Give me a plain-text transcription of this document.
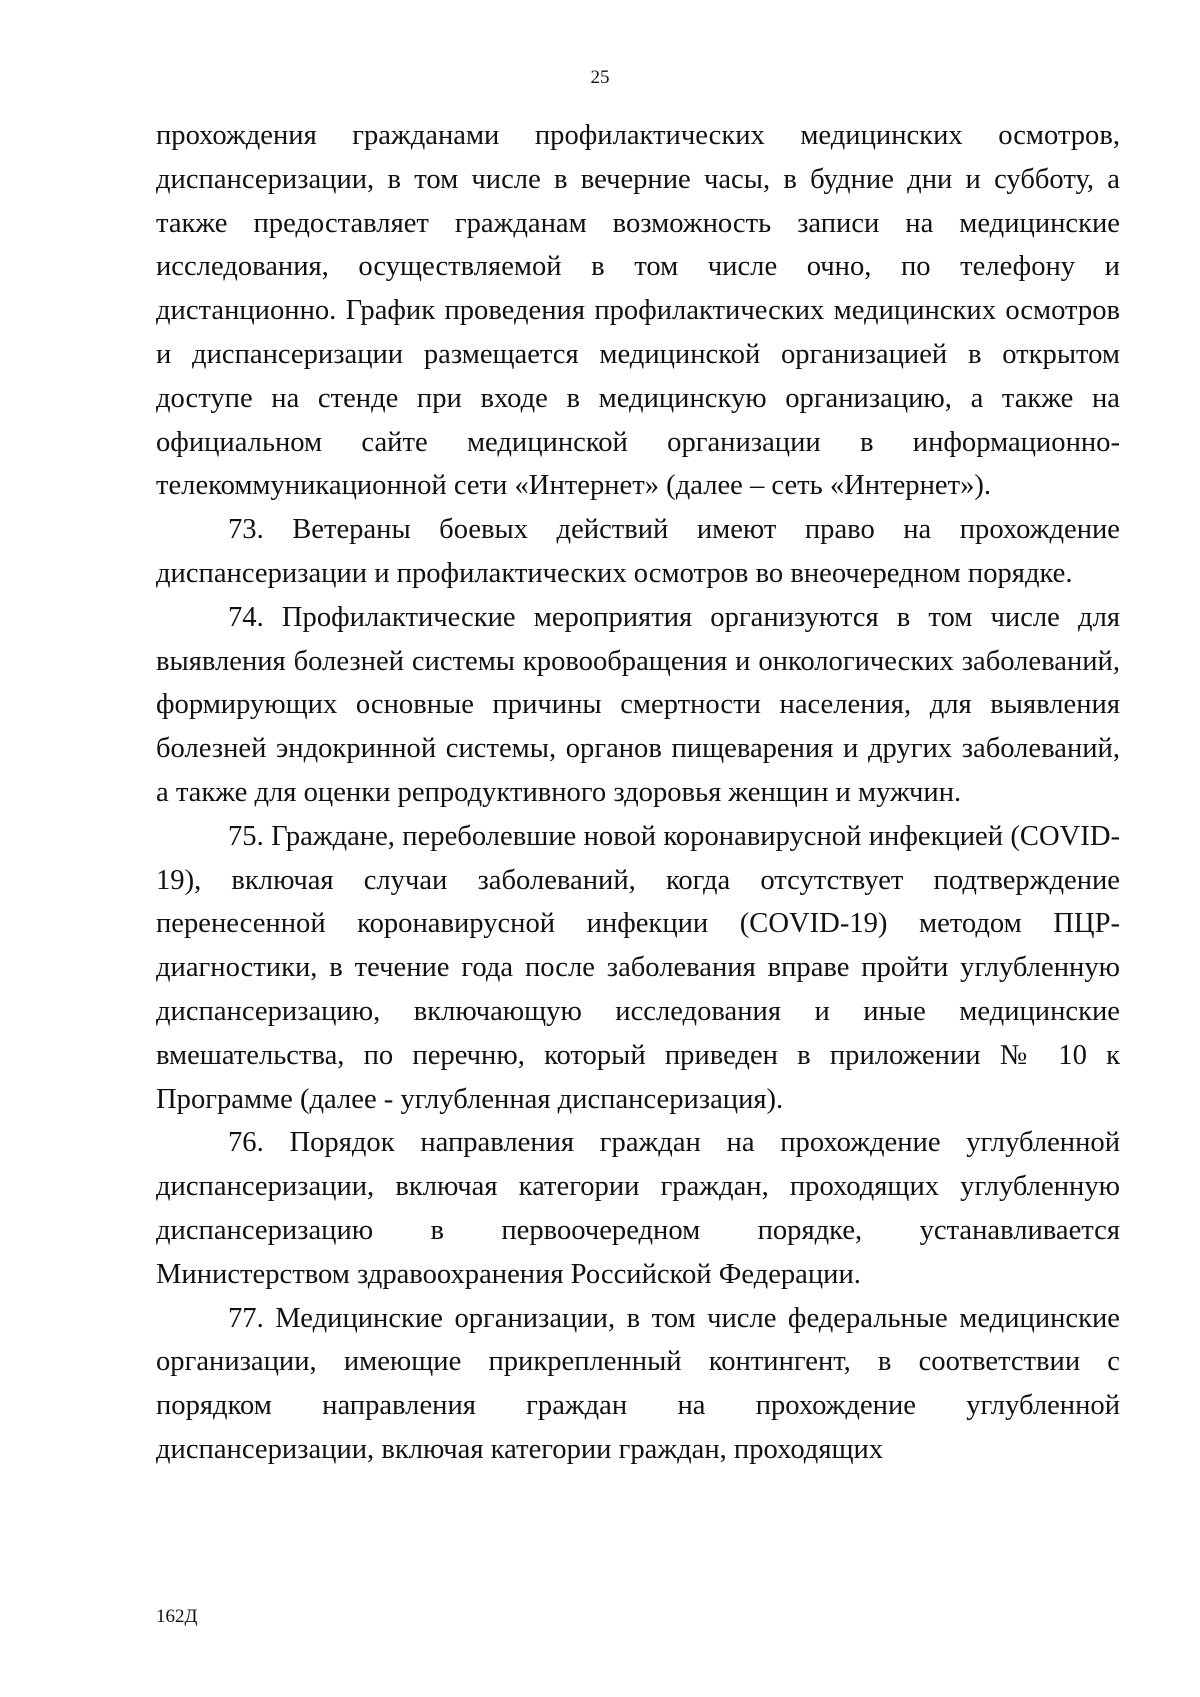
25

прохождения гражданами профилактических медицинских осмотров, диспансеризации, в том числе в вечерние часы, в будние дни и субботу, а также предоставляет гражданам возможность записи на медицинские исследования, осуществляемой в том числе очно, по телефону и дистанционно. График проведения профилактических медицинских осмотров и диспансеризации размещается медицинской организацией в открытом доступе на стенде при входе в медицинскую организацию, а также на официальном сайте медицинской организации в информационно-телекоммуникационной сети «Интернет» (далее – сеть «Интернет»).

73. Ветераны боевых действий имеют право на прохождение диспансеризации и профилактических осмотров во внеочередном порядке.

74. Профилактические мероприятия организуются в том числе для выявления болезней системы кровообращения и онкологических заболеваний, формирующих основные причины смертности населения, для выявления болезней эндокринной системы, органов пищеварения и других заболеваний, а также для оценки репродуктивного здоровья женщин и мужчин.

75. Граждане, переболевшие новой коронавирусной инфекцией (COVID-19), включая случаи заболеваний, когда отсутствует подтверждение перенесенной коронавирусной инфекции (COVID-19) методом ПЦР-диагностики, в течение года после заболевания вправе пройти углубленную диспансеризацию, включающую исследования и иные медицинские вмешательства, по перечню, который приведен в приложении № 10 к Программе (далее - углубленная диспансеризация).

76. Порядок направления граждан на прохождение углубленной диспансеризации, включая категории граждан, проходящих углубленную диспансеризацию в первоочередном порядке, устанавливается Министерством здравоохранения Российской Федерации.

77. Медицинские организации, в том числе федеральные медицинские организации, имеющие прикрепленный контингент, в соответствии с порядком направления граждан на прохождение углубленной диспансеризации, включая категории граждан, проходящих

162Д
